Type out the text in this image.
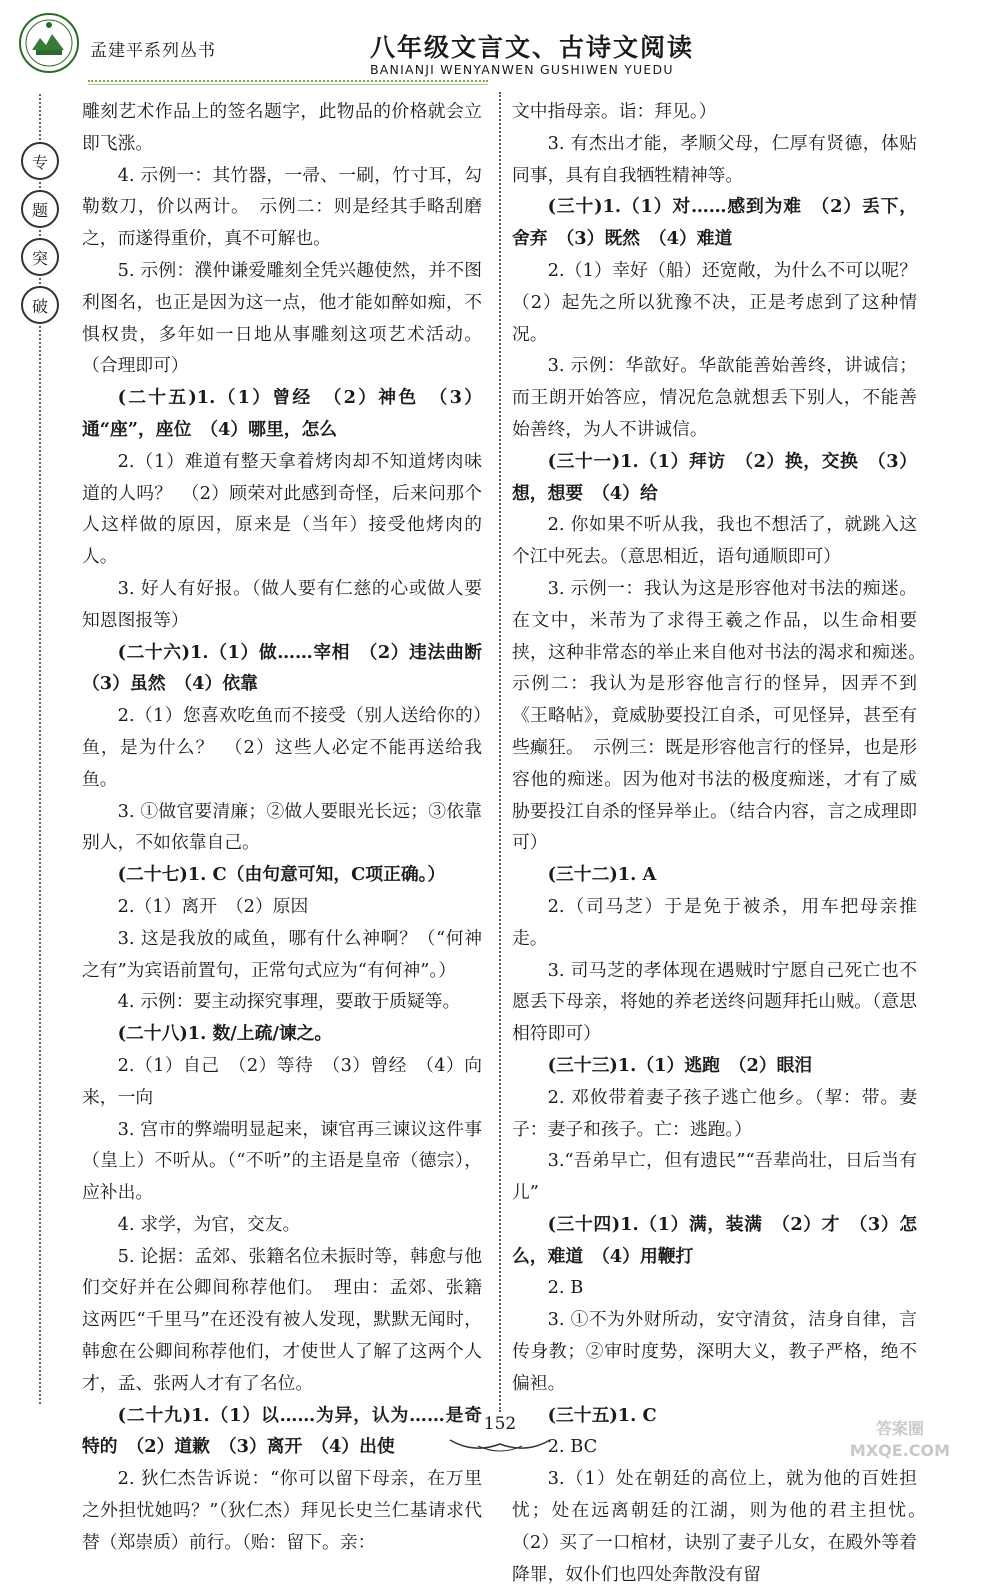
孟建平系列丛书	八年级文言文、古诗文阅读
BANIANJI WENYANWEN GUSHIWEN YUEDU
专
题
突
破

雕刻艺术作品上的签名题字，此物品的价格就会立即飞涨。

4. 示例一：其竹器，一帚、一刷，竹寸耳，勾勒数刀，价以两计。　示例二：则是经其手略刮磨之，而遂得重价，真不可解也。

5. 示例：濮仲谦爱雕刻全凭兴趣使然，并不图利图名，也正是因为这一点，他才能如醉如痴，不惧权贵，多年如一日地从事雕刻这项艺术活动。（合理即可）

(二十五)1.（1）曾经　（2）神色　（3）通“座”，座位　（4）哪里，怎么

2.（1）难道有整天拿着烤肉却不知道烤肉味道的人吗？　（2）顾荣对此感到奇怪，后来问那个人这样做的原因，原来是（当年）接受他烤肉的人。

3. 好人有好报。（做人要有仁慈的心或做人要知恩图报等）

(二十六)1.（1）做……宰相　（2）违法曲断　（3）虽然　（4）依靠

2.（1）您喜欢吃鱼而不接受（别人送给你的）鱼，是为什么？　（2）这些人必定不能再送给我鱼。

3. ①做官要清廉；②做人要眼光长远；③依靠别人，不如依靠自己。

(二十七)1. C（由句意可知，C项正确。）

2.（1）离开　（2）原因

3. 这是我放的咸鱼，哪有什么神啊？（“何神之有”为宾语前置句，正常句式应为“有何神”。）

4. 示例：要主动探究事理，要敢于质疑等。

(二十八)1. 数/上疏/谏之。

2.（1）自己　（2）等待　（3）曾经　（4）向来，一向

3. 宫市的弊端明显起来，谏官再三谏议这件事（皇上）不听从。（“不听”的主语是皇帝（德宗），应补出。

4. 求学，为官，交友。

5. 论据：孟郊、张籍名位未振时等，韩愈与他们交好并在公卿间称荐他们。　理由：孟郊、张籍这两匹“千里马”在还没有被人发现，默默无闻时，韩愈在公卿间称荐他们，才使世人了解了这两个人才，孟、张两人才有了名位。

(二十九)1.（1）以……为异，认为……是奇特的　（2）道歉　（3）离开　（4）出使

2. 狄仁杰告诉说：“你可以留下母亲，在万里之外担忧她吗？”（狄仁杰）拜见长史兰仁基请求代替（郑崇质）前行。（贻：留下。亲：

文中指母亲。诣：拜见。）

3. 有杰出才能，孝顺父母，仁厚有贤德，体贴同事，具有自我牺牲精神等。

(三十)1.（1）对……感到为难　（2）丢下，舍弃　（3）既然　（4）难道

2.（1）幸好（船）还宽敞，为什么不可以呢？　（2）起先之所以犹豫不决，正是考虑到了这种情况。

3. 示例：华歆好。华歆能善始善终，讲诚信；而王朗开始答应，情况危急就想丢下别人，不能善始善终，为人不讲诚信。

(三十一)1.（1）拜访　（2）换，交换　（3）想，想要　（4）给

2. 你如果不听从我，我也不想活了，就跳入这个江中死去。（意思相近，语句通顺即可）

3. 示例一：我认为这是形容他对书法的痴迷。在文中，米芾为了求得王羲之作品，以生命相要挟，这种非常态的举止来自他对书法的渴求和痴迷。　示例二：我认为是形容他言行的怪异，因弄不到《王略帖》，竟威胁要投江自杀，可见怪异，甚至有些癫狂。　示例三：既是形容他言行的怪异，也是形容他的痴迷。因为他对书法的极度痴迷，才有了威胁要投江自杀的怪异举止。（结合内容，言之成理即可）

(三十二)1. A

2.（司马芝）于是免于被杀，用车把母亲推走。

3. 司马芝的孝体现在遇贼时宁愿自己死亡也不愿丢下母亲，将她的养老送终问题拜托山贼。（意思相符即可）

(三十三)1.（1）逃跑　（2）眼泪

2. 邓攸带着妻子孩子逃亡他乡。（挈：带。妻子：妻子和孩子。亡：逃跑。）

3.“吾弟早亡，但有遗民”“吾辈尚壮，日后当有儿”

(三十四)1.（1）满，装满　（2）才　（3）怎么，难道　（4）用鞭打

2. B

3. ①不为外财所动，安守清贫，洁身自律，言传身教；②审时度势，深明大义，教子严格，绝不偏袒。

(三十五)1. C

2. BC

3.（1）处在朝廷的高位上，就为他的百姓担忧；处在远离朝廷的江湖，则为他的君主担忧。　（2）买了一口棺材，诀别了妻子儿女，在殿外等着降罪，奴仆们也四处奔散没有留

152	答案圈
MXQE.COM
